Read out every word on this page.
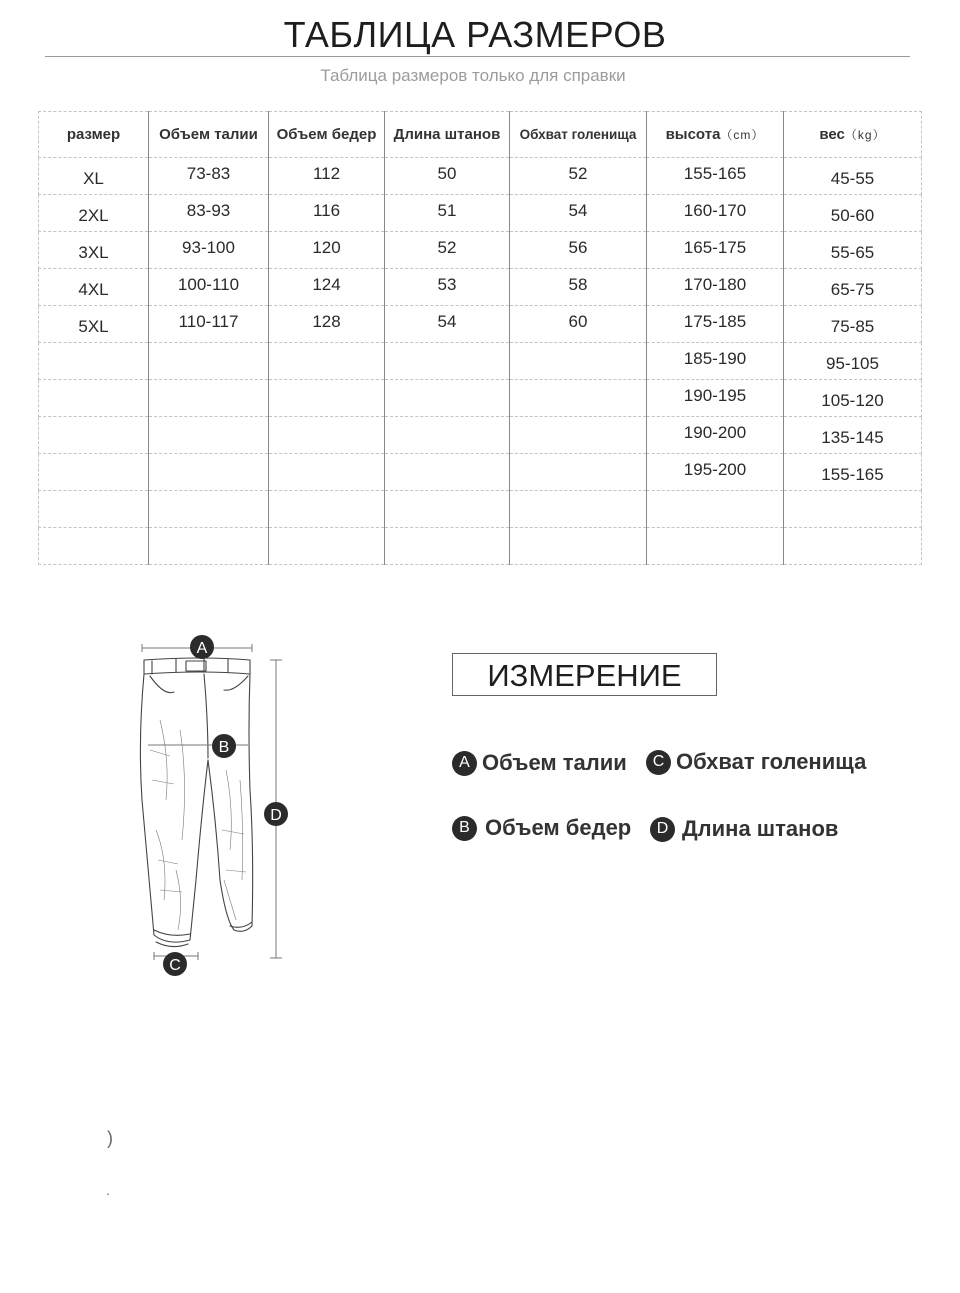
ТАБЛИЦА РАЗМЕРОВ
Таблица размеров только для справки
размер	Объем талии	Объем бедер	Длина штанов	Обхват голенища	высота（cm）	вес（kg）
XL	73-83	112	50	52	155-165	45-55
2XL	83-93	116	51	54	160-170	50-60
3XL	93-100	120	52	56	165-175	55-65
4XL	100-110	124	53	58	170-180	65-75
5XL	110-117	128	54	60	175-185	75-85
					185-190	95-105
					190-195	105-120
					190-200	135-145
					195-200	155-165

A
B
C
D
ИЗМЕРЕНИЕ
A Объем талии	C Обхват голенища
B Объем бедер	D Длина штанов
)
.
